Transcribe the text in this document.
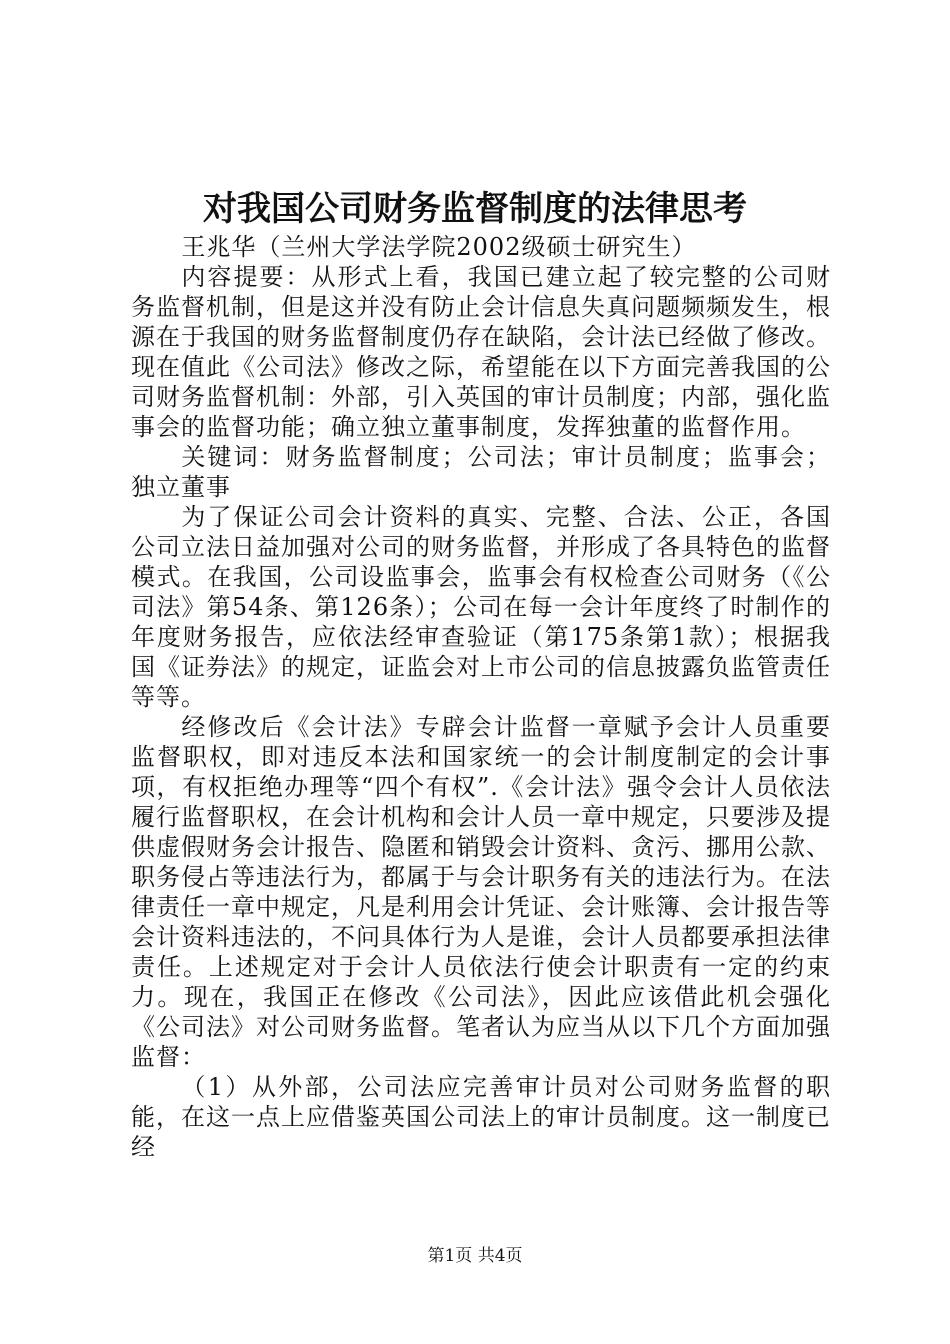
对我国公司财务监督制度的法律思考

王兆华（兰州大学法学院2002级硕士研究生）

内容提要：从形式上看，我国已建立起了较完整的公司财务监督机制，但是这并没有防止会计信息失真问题频频发生，根源在于我国的财务监督制度仍存在缺陷，会计法已经做了修改。现在值此《公司法》修改之际，希望能在以下方面完善我国的公司财务监督机制：外部，引入英国的审计员制度；内部，强化监事会的监督功能；确立独立董事制度，发挥独董的监督作用。

关键词：财务监督制度；公司法；审计员制度；监事会；独立董事

为了保证公司会计资料的真实、完整、合法、公正，各国公司立法日益加强对公司的财务监督，并形成了各具特色的监督模式。在我国，公司设监事会，监事会有权检查公司财务（《公司法》第54条、第126条）；公司在每一会计年度终了时制作的年度财务报告，应依法经审查验证（第175条第1款）；根据我国《证券法》的规定，证监会对上市公司的信息披露负监管责任等等。

经修改后《会计法》专辟会计监督一章赋予会计人员重要监督职权，即对违反本法和国家统一的会计制度制定的会计事项，有权拒绝办理等“四个有权”.《会计法》强令会计人员依法履行监督职权，在会计机构和会计人员一章中规定，只要涉及提供虚假财务会计报告、隐匿和销毁会计资料、贪污、挪用公款、职务侵占等违法行为，都属于与会计职务有关的违法行为。在法律责任一章中规定，凡是利用会计凭证、会计账簿、会计报告等会计资料违法的，不问具体行为人是谁，会计人员都要承担法律责任。上述规定对于会计人员依法行使会计职责有一定的约束力。现在，我国正在修改《公司法》，因此应该借此机会强化《公司法》对公司财务监督。笔者认为应当从以下几个方面加强监督：

（1）从外部，公司法应完善审计员对公司财务监督的职能，在这一点上应借鉴英国公司法上的审计员制度。这一制度已经

第1页 共4页
